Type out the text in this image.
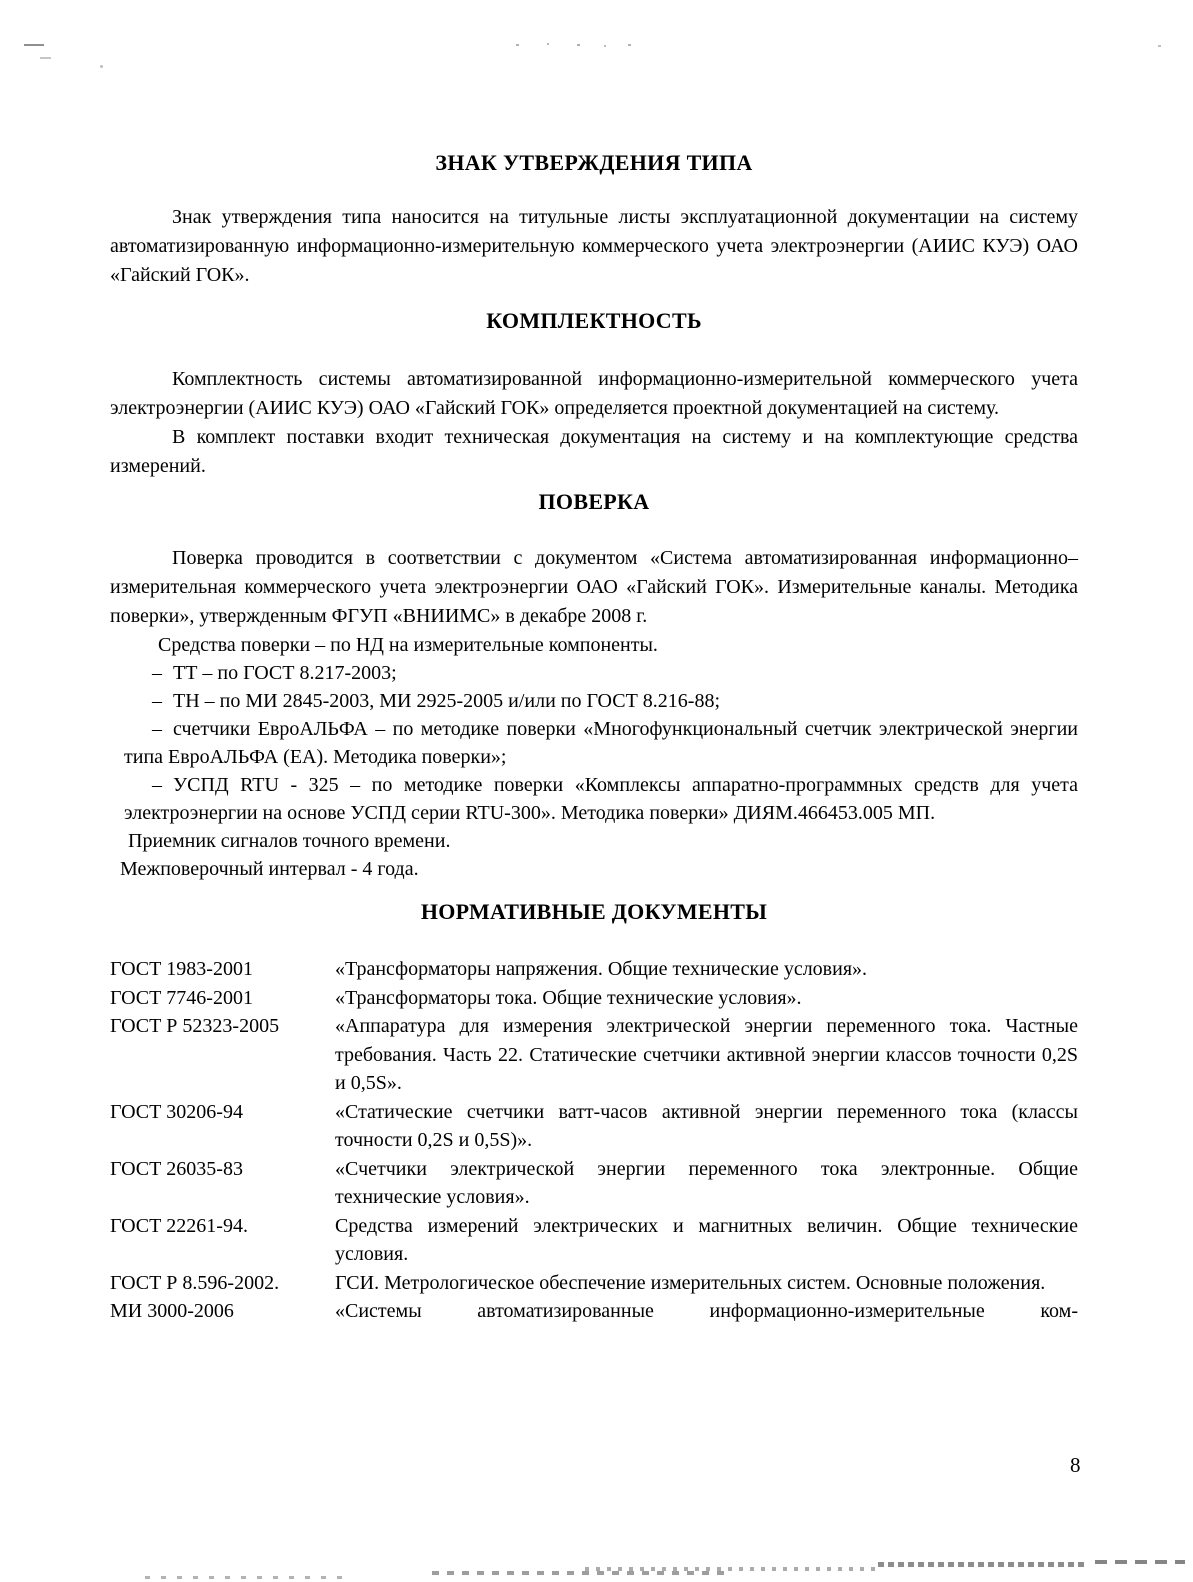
ЗНАК УТВЕРЖДЕНИЯ ТИПА

Знак утверждения типа наносится на титульные листы эксплуатационной документации на систему автоматизированную информационно-измерительную коммерческого учета электроэнергии (АИИС КУЭ) ОАО «Гайский ГОК».

КОМПЛЕКТНОСТЬ

Комплектность системы автоматизированной информационно-измерительной коммерческого учета электроэнергии (АИИС КУЭ) ОАО «Гайский ГОК» определяется проектной документацией на систему.

В комплект поставки входит техническая документация на систему и на комплектующие средства измерений.

ПОВЕРКА

Поверка проводится в соответствии с документом «Система автоматизированная информационно–измерительная коммерческого учета электроэнергии ОАО «Гайский ГОК». Измерительные каналы. Методика поверки», утвержденным ФГУП «ВНИИМС» в декабре 2008 г.

Средства поверки – по НД на измерительные компоненты.

– ТТ – по ГОСТ 8.217-2003;
– ТН – по МИ 2845-2003, МИ 2925-2005 и/или по ГОСТ 8.216-88;
– счетчики ЕвроАЛЬФА – по методике поверки «Многофункциональный счетчик электрической энергии типа ЕвроАЛЬФА (ЕА). Методика поверки»;
– УСПД RTU - 325 – по методике поверки «Комплексы аппаратно-программных средств для учета электроэнергии на основе УСПД серии RTU-300». Методика поверки» ДИЯМ.466453.005 МП.

Приемник сигналов точного времени.

Межповерочный интервал - 4 года.

НОРМАТИВНЫЕ ДОКУМЕНТЫ
ГОСТ 1983-2001	«Трансформаторы напряжения. Общие технические условия».
ГОСТ 7746-2001	«Трансформаторы тока. Общие технические условия».
ГОСТ Р 52323-2005	«Аппаратура для измерения электрической энергии переменного тока. Частные требования. Часть 22. Статические счетчики активной энергии классов точности 0,2S и 0,5S».
ГОСТ 30206-94	«Статические счетчики ватт-часов активной энергии переменного тока (классы точности 0,2S и 0,5S)».
ГОСТ 26035-83	«Счетчики электрической энергии переменного тока электронные. Общие технические условия».
ГОСТ 22261-94.	Средства измерений электрических и магнитных величин. Общие технические условия.
ГОСТ Р 8.596-2002.	ГСИ. Метрологическое обеспечение измерительных систем. Основные положения.
МИ 3000-2006	«Системы автоматизированные информационно-измерительные ком-
8
